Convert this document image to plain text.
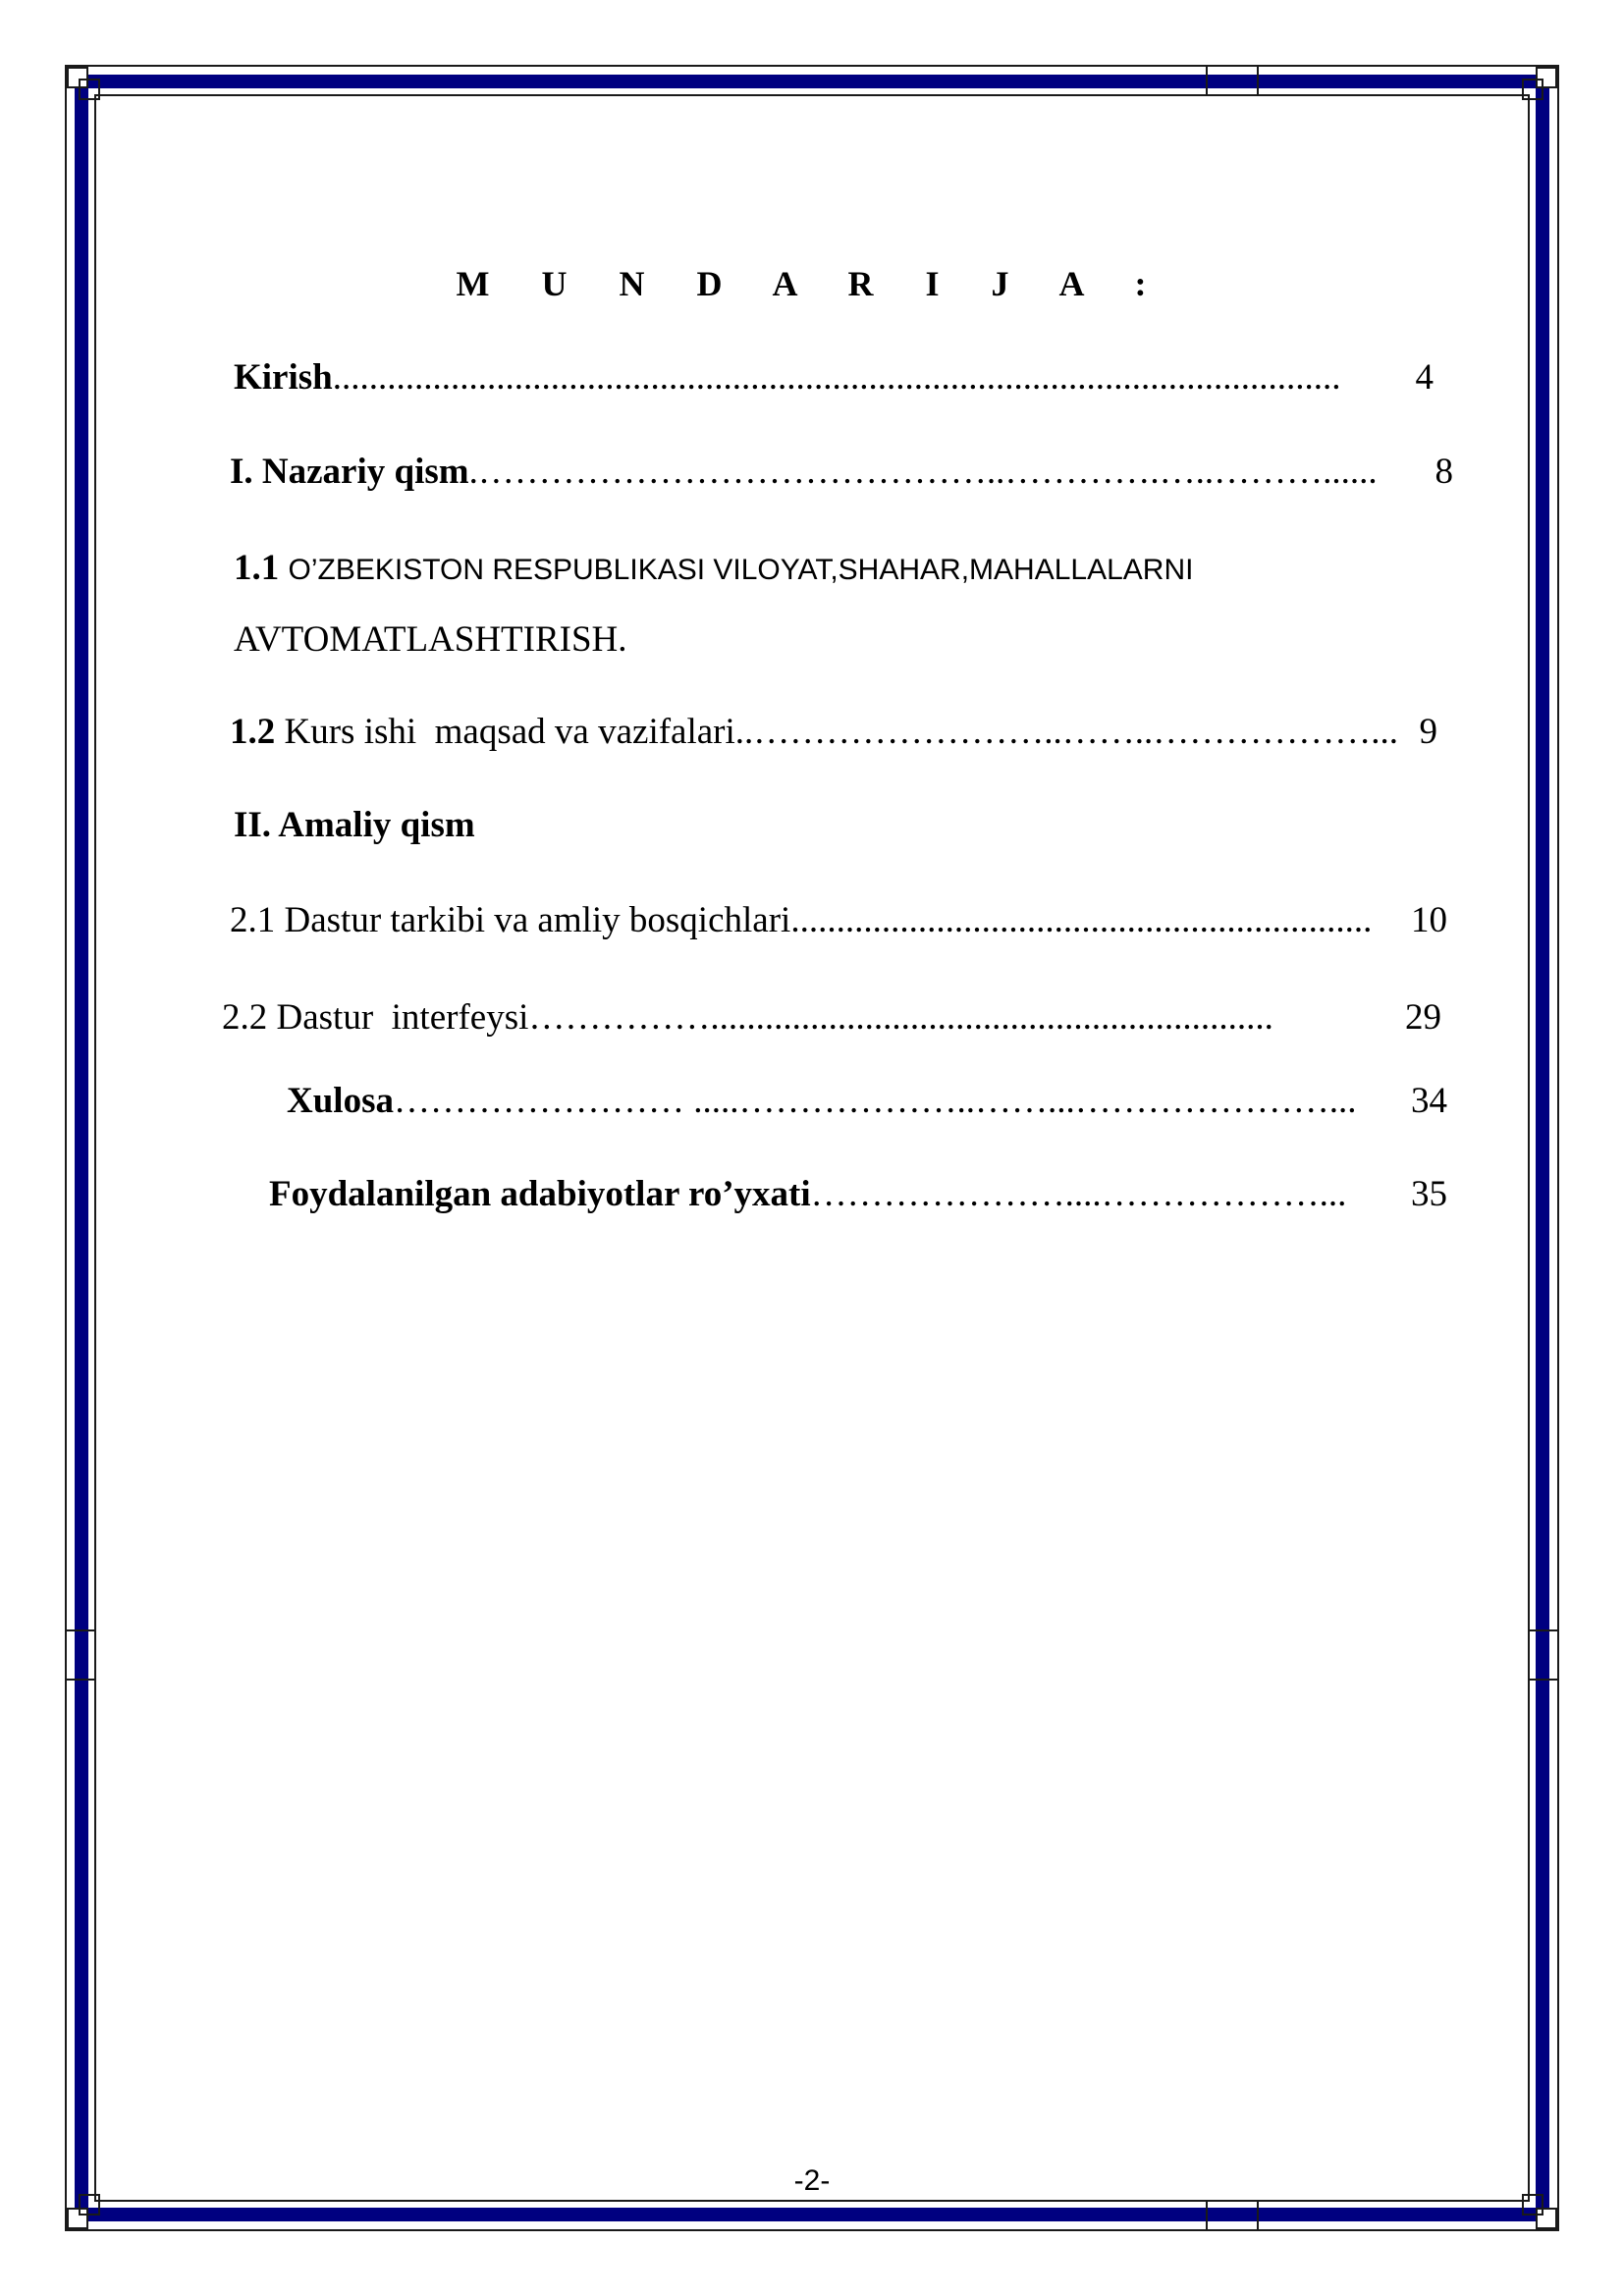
M U N D A R I J A :
Kirish ...............................................................................................................	4
I. Nazariy qism .……………………………………..………….…..………......	8
1.1 O’ZBEKISTON RESPUBLIKASI VILOYAT,SHAHAR,MAHALLALARNI
AVTOMATLASHTIRISH.
1.2 Kurs ishi  maqsad va vazifalari ..……………………..……..………………... 9
II. Amaliy qism
2.1 Dastur tarkibi va amliy bosqichlari ................................................................	10
2.2 Dastur  interfeysi ……………..............................................................	29
Xulosa …………………… .....………………..……...…………………...	34
Foydalanilgan adabiyotlar ro’yxati …………………....………………...	35
-2-
